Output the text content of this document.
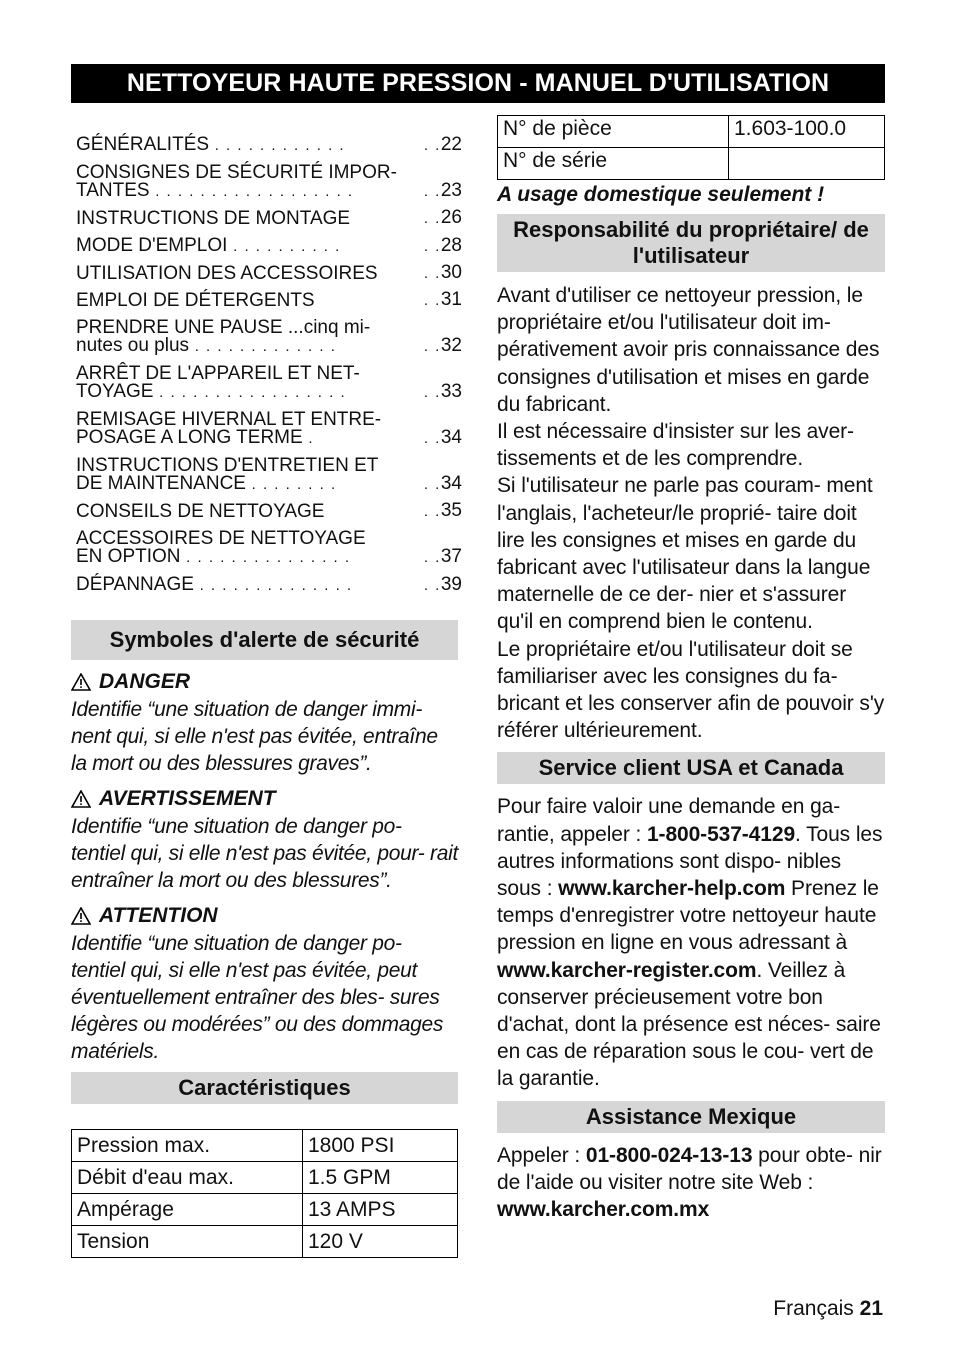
NETTOYEUR HAUTE PRESSION - MANUEL D'UTILISATION
GÉNÉRALITÉS . . . . . . . . . . . .	. .22
CONSIGNES DE SÉCURITÉ IMPOR-
TANTES . . . . . . . . . . . . . . . . . .	. .23
INSTRUCTIONS DE MONTAGE	. .26
MODE D'EMPLOI . . . . . . . . . .	. .28
UTILISATION DES ACCESSOIRES	. .30
EMPLOI DE DÉTERGENTS	. .31
PRENDRE UNE PAUSE ...cinq mi-
nutes ou plus . . . . . . . . . . . . .	. .32
ARRÊT DE L'APPAREIL ET NET-
TOYAGE . . . . . . . . . . . . . . . . .	. .33
REMISAGE HIVERNAL ET ENTRE-
POSAGE A LONG TERME .	. .34
INSTRUCTIONS D'ENTRETIEN ET
DE MAINTENANCE . . . . . . . .	. .34
CONSEILS DE NETTOYAGE	. .35
ACCESSOIRES DE NETTOYAGE
EN OPTION . . . . . . . . . . . . . . .	. .37
DÉPANNAGE . . . . . . . . . . . . . .	. .39
Symboles d'alerte de sécurité
DANGER
Identifie “une situation de danger immi- nent qui, si elle n'est pas évitée, entraîne la mort ou des blessures graves”.
AVERTISSEMENT
Identifie “une situation de danger po- tentiel qui, si elle n'est pas évitée, pour- rait entraîner la mort ou des blessures”.
ATTENTION
Identifie “une situation de danger po- tentiel qui, si elle n'est pas évitée, peut éventuellement entraîner des bles- sures légères ou modérées” ou des dommages matériels.
Caractéristiques
Pression max.	1800 PSI
Débit d'eau max.	1.5 GPM
Ampérage	13 AMPS
Tension	120 V
N° de pièce	1.603-100.0
N° de série	
A usage domestique seulement !
Responsabilité du propriétaire/ de l'utilisateur

Avant d'utiliser ce nettoyeur pression, le propriétaire et/ou l'utilisateur doit im- pérativement avoir pris connaissance des consignes d'utilisation et mises en garde du fabricant.

Il est nécessaire d'insister sur les aver- tissements et de les comprendre.

Si l'utilisateur ne parle pas couram- ment l'anglais, l'acheteur/le proprié- taire doit lire les consignes et mises en garde du fabricant avec l'utilisateur dans la langue maternelle de ce der- nier et s'assurer qu'il en comprend bien le contenu.

Le propriétaire et/ou l'utilisateur doit se familiariser avec les consignes du fa- bricant et les conserver afin de pouvoir s'y référer ultérieurement.

Service client USA et Canada
Pour faire valoir une demande en ga- rantie, appeler : 1-800-537-4129. Tous les autres informations sont dispo- nibles sous : www.karcher-help.com Prenez le temps d'enregistrer votre nettoyeur haute pression en ligne en vous adressant à www.karcher-register.com. Veillez à conserver précieusement votre bon d'achat, dont la présence est néces- saire en cas de réparation sous le cou- vert de la garantie.
Assistance Mexique
Appeler : 01-800-024-13-13 pour obte- nir de l'aide ou visiter notre site Web : www.karcher.com.mx
Français 21
